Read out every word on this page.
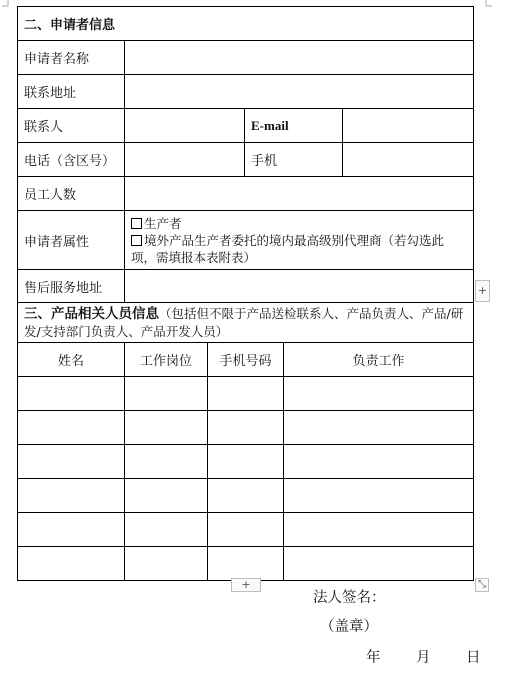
二、申请者信息					
申请者名称					
联系地址					
联系人			E-mail		
电话（含区号）			手机		
员工人数					
申请者属性	生产者
境外产品生产者委托的境内最高级别代理商（若勾选此项，需填报本表附表）				

售后服务地址					
三、产品相关人员信息（包括但不限于产品送检联系人、产品负责人、产品/研发/支持部门负责人、产品开发人员）					
姓名	工作岗位	手机号码		负责工作	

+
+	⤡
法人签名：
（盖章）
年 月 日
